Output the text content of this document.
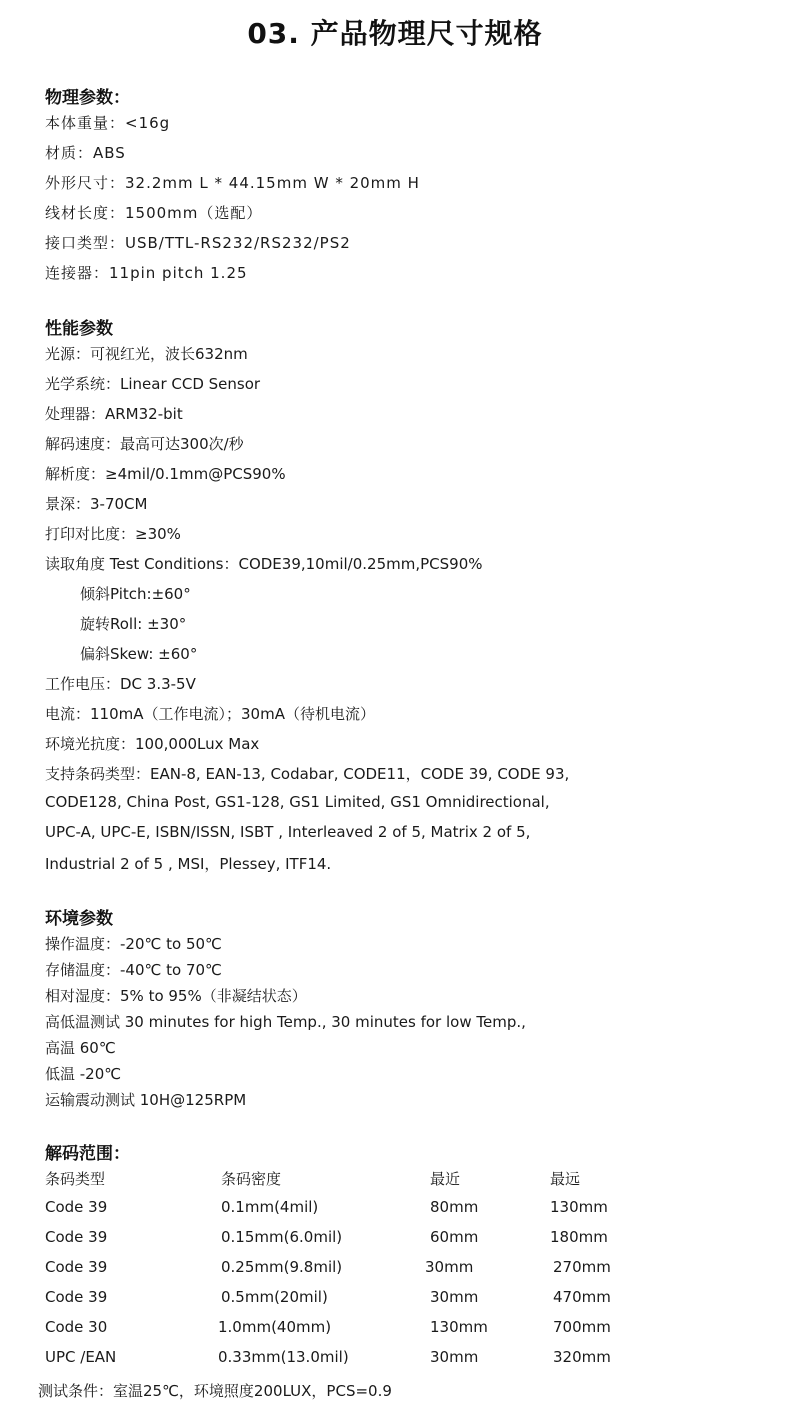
03. 产品物理尺寸规格
物理参数：
本体重量：<16g
材质：ABS
外形尺寸：32.2mm L * 44.15mm W * 20mm H
线材长度：1500mm（选配）
接口类型：USB/TTL-RS232/RS232/PS2
连接器：11pin pitch 1.25
性能参数
光源：可视红光，波长632nm
光学系统：Linear CCD Sensor
处理器：ARM32-bit
解码速度：最高可达300次/秒
解析度：≥4mil/0.1mm@PCS90%
景深：3-70CM
打印对比度：≥30%
读取角度 Test Conditions：CODE39,10mil/0.25mm,PCS90%
倾斜Pitch:±60°
旋转Roll: ±30°
偏斜Skew: ±60°
工作电压：DC 3.3-5V
电流：110mA（工作电流）；30mA（待机电流）
环境光抗度：100,000Lux Max
支持条码类型：EAN-8, EAN-13, Codabar, CODE11，CODE 39, CODE 93,
CODE128, China Post, GS1-128, GS1 Limited, GS1 Omnidirectional,
UPC-A, UPC-E, ISBN/ISSN, ISBT , Interleaved 2 of 5, Matrix 2 of 5,
Industrial 2 of 5 , MSI，Plessey, ITF14.
环境参数
操作温度：-20℃ to 50℃
存储温度：-40℃ to 70℃
相对湿度：5% to 95%（非凝结状态）
高低温测试 30 minutes for high Temp., 30 minutes for low Temp.,
高温 60℃
低温 -20℃
运输震动测试 10H@125RPM
解码范围：
条码类型	条码密度	最近	最远
Code 39	0.1mm(4mil)	80mm	130mm
Code 39	0.15mm(6.0mil)	60mm	180mm
Code 39	0.25mm(9.8mil)	30mm	270mm
Code 39	0.5mm(20mil)	30mm	470mm
Code 30	1.0mm(40mm)	130mm	700mm
UPC /EAN	0.33mm(13.0mil)	30mm	320mm
测试条件：室温25℃，环境照度200LUX，PCS=0.9
